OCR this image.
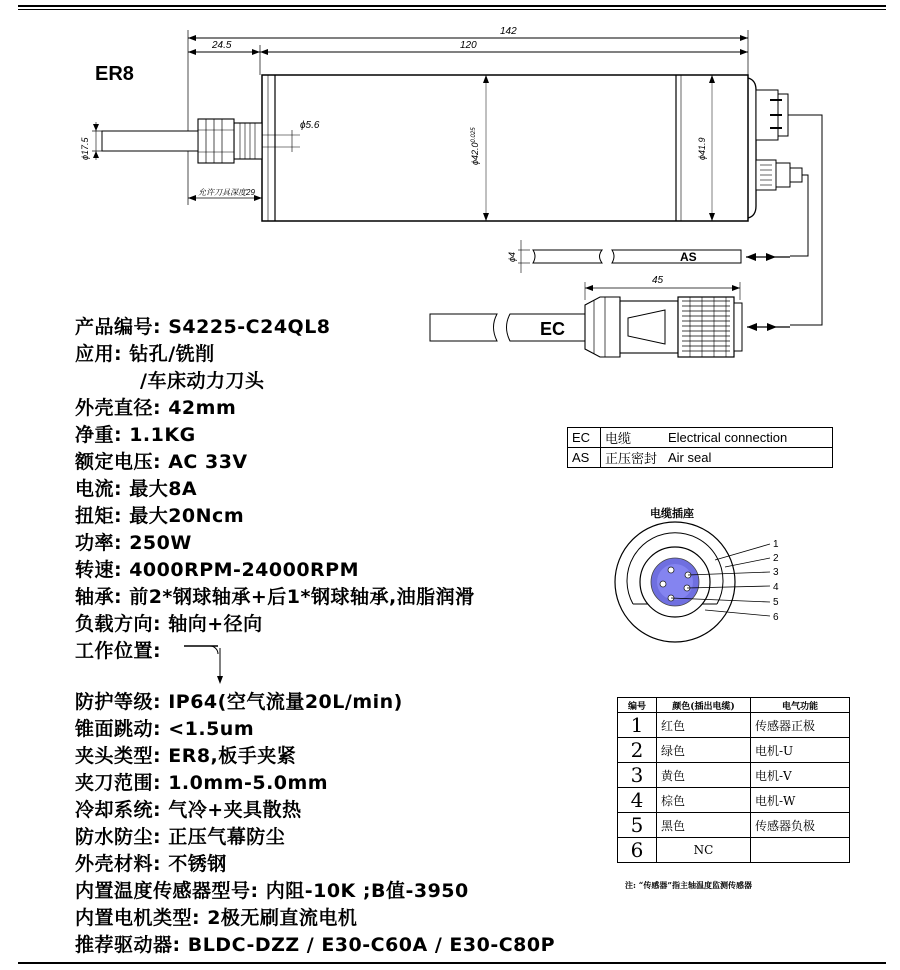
ER8
142
24.5	120
$\phi 42.0^{0.025}$
ϕ41.9
ϕ17.5
ϕ5.6
允许刀具深度29
ϕ4	AS
EC
45
EC	电缆	Electrical connection
AS	正压密封	Air seal
电缆插座
1
2
3
4
5
6
产品编号: S4225-C24QL8
应用: 钻孔/铣削
/车床动力刀头
外壳直径: 42mm
净重: 1.1KG
额定电压: AC 33V
电流: 最大8A
扭矩: 最大20Ncm
功率: 250W
转速: 4000RPM-24000RPM
轴承: 前2*钢球轴承+后1*钢球轴承,油脂润滑
负载方向: 轴向+径向
工作位置:
防护等级: IP64(空气流量20L/min)
锥面跳动: <1.5um
夹头类型: ER8,板手夹紧
夹刀范围: 1.0mm-5.0mm
冷却系统: 气冷+夹具散热
防水防尘: 正压气幕防尘
外壳材料: 不锈钢
内置温度传感器型号: 内阻-10K ;B值-3950
内置电机类型: 2极无刷直流电机
推荐驱动器: BLDC-DZZ / E30-C60A / E30-C80P
编号	颜色(插出电缆)	电气功能
1	红色	传感器正极
2	绿色	电机-U
3	黄色	电机-V
4	棕色	电机-W
5	黑色	传感器负极
6	NC	
注: “传感器”指主轴温度监测传感器
